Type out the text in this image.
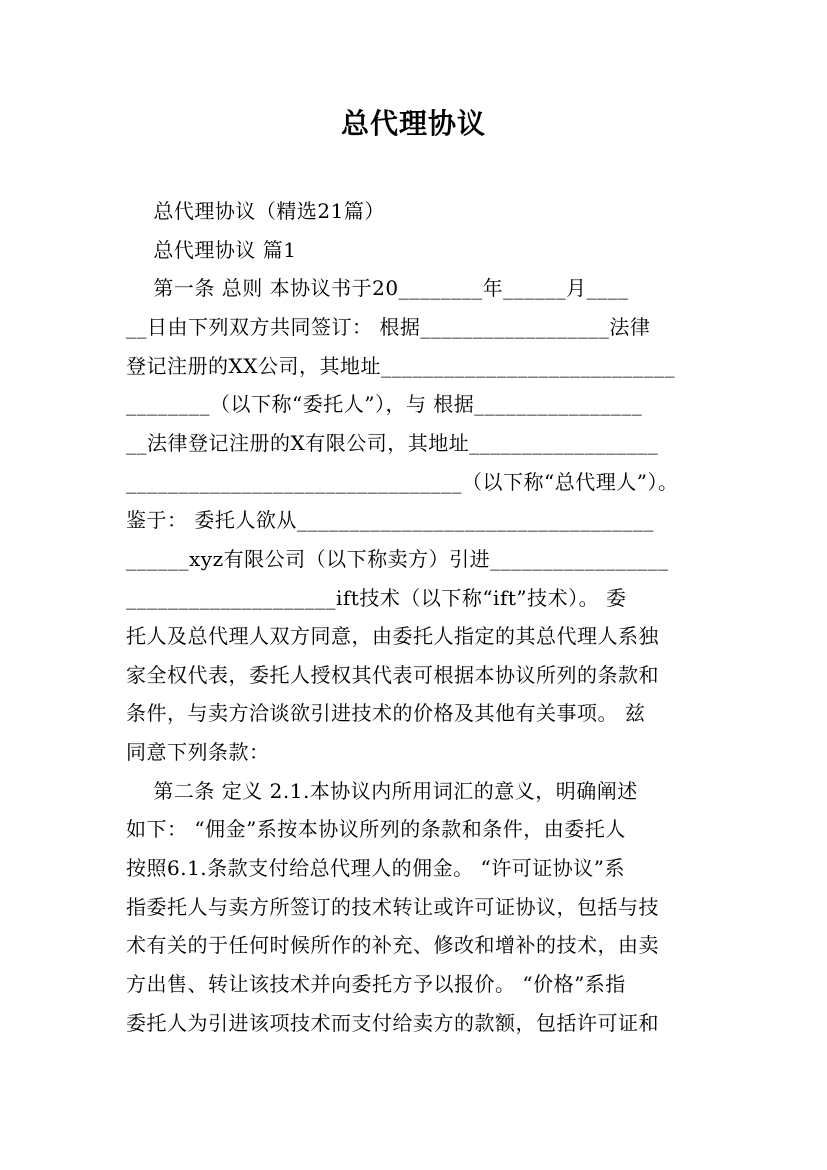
总代理协议
总代理协议（精选21篇）
总代理协议 篇1
第一条 总则 本协议书于20________年______月____
__日由下列双方共同签订： 根据__________________法律
登记注册的XX公司，其地址____________________________
________（以下称“委托人”），与 根据________________
__法律登记注册的X有限公司，其地址__________________
________________________________（以下称“总代理人”）。
鉴于： 委托人欲从__________________________________
______xyz有限公司（以下称卖方）引进_________________
____________________ift技术（以下称“ift”技术）。 委
托人及总代理人双方同意，由委托人指定的其总代理人系独
家全权代表，委托人授权其代表可根据本协议所列的条款和
条件，与卖方洽谈欲引进技术的价格及其他有关事项。 兹
同意下列条款：
第二条 定义 2.1.本协议内所用词汇的意义，明确阐述
如下： “佣金”系按本协议所列的条款和条件，由委托人
按照6.1.条款支付给总代理人的佣金。 “许可证协议”系
指委托人与卖方所签订的技术转让或许可证协议，包括与技
术有关的于任何时候所作的补充、修改和增补的技术，由卖
方出售、转让该技术并向委托方予以报价。 “价格”系指
委托人为引进该项技术而支付给卖方的款额，包括许可证和
